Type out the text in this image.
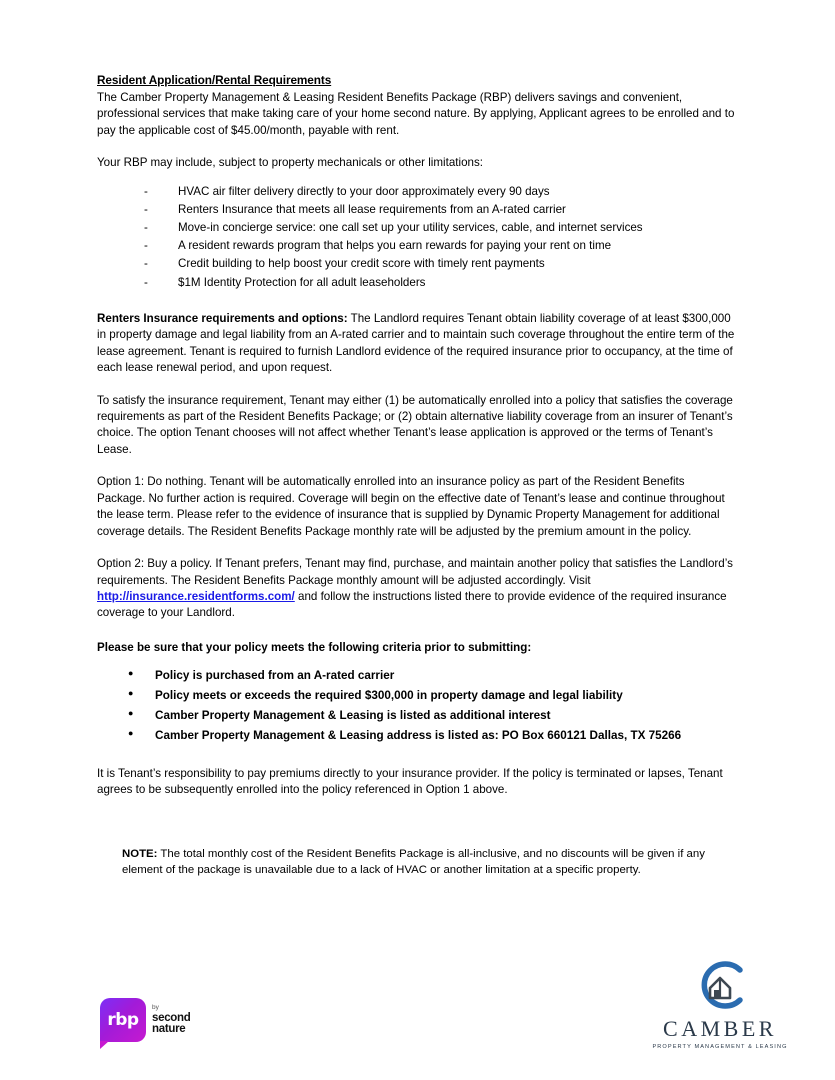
Resident Application/Rental Requirements

The Camber Property Management & Leasing Resident Benefits Package (RBP) delivers savings and convenient, professional services that make taking care of your home second nature. By applying, Applicant agrees to be enrolled and to pay the applicable cost of $45.00/month, payable with rent.

Your RBP may include, subject to property mechanicals or other limitations:

- HVAC air filter delivery directly to your door approximately every 90 days
- Renters Insurance that meets all lease requirements from an A-rated carrier
- Move-in concierge service: one call set up your utility services, cable, and internet services
- A resident rewards program that helps you earn rewards for paying your rent on time
- Credit building to help boost your credit score with timely rent payments
- $1M Identity Protection for all adult leaseholders

Renters Insurance requirements and options: The Landlord requires Tenant obtain liability coverage of at least $300,000 in property damage and legal liability from an A-rated carrier and to maintain such coverage throughout the entire term of the lease agreement. Tenant is required to furnish Landlord evidence of the required insurance prior to occupancy, at the time of each lease renewal period, and upon request.

To satisfy the insurance requirement, Tenant may either (1) be automatically enrolled into a policy that satisfies the coverage requirements as part of the Resident Benefits Package; or (2) obtain alternative liability coverage from an insurer of Tenant’s choice. The option Tenant chooses will not affect whether Tenant’s lease application is approved or the terms of Tenant’s Lease.

Option 1: Do nothing. Tenant will be automatically enrolled into an insurance policy as part of the Resident Benefits Package. No further action is required. Coverage will begin on the effective date of Tenant’s lease and continue throughout the lease term. Please refer to the evidence of insurance that is supplied by Dynamic Property Management for additional coverage details. The Resident Benefits Package monthly rate will be adjusted by the premium amount in the policy.

Option 2: Buy a policy. If Tenant prefers, Tenant may find, purchase, and maintain another policy that satisfies the Landlord’s requirements. The Resident Benefits Package monthly amount will be adjusted accordingly. Visit http://insurance.residentforms.com/ and follow the instructions listed there to provide evidence of the required insurance coverage to your Landlord.

Please be sure that your policy meets the following criteria prior to submitting:

● Policy is purchased from an A-rated carrier
● Policy meets or exceeds the required $300,000 in property damage and legal liability
● Camber Property Management & Leasing is listed as additional interest
● Camber Property Management & Leasing address is listed as: PO Box 660121 Dallas, TX 75266

It is Tenant’s responsibility to pay premiums directly to your insurance provider. If the policy is terminated or lapses, Tenant agrees to be subsequently enrolled into the policy referenced in Option 1 above.

NOTE: The total monthly cost of the Resident Benefits Package is all-inclusive, and no discounts will be given if any element of the package is unavailable due to a lack of HVAC or another limitation at a specific property.

rbp
by
second
nature	CAMBER
PROPERTY MANAGEMENT & LEASING
